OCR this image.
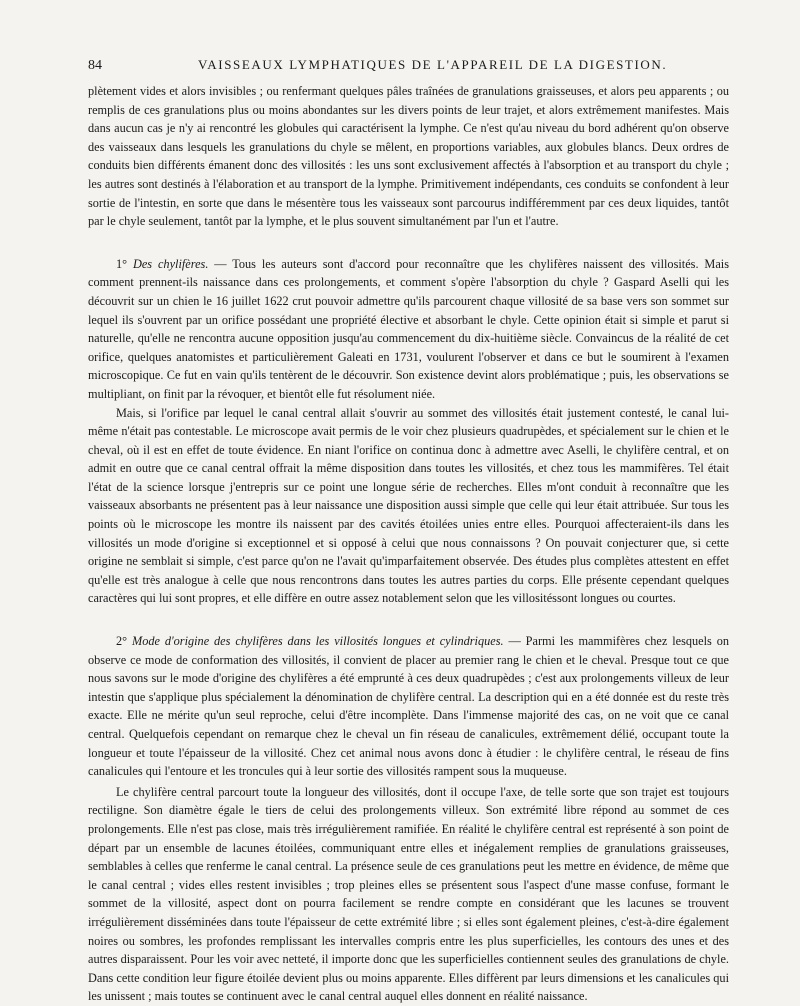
84	VAISSEAUX LYMPHATIQUES DE L'APPAREIL DE LA DIGESTION.

plètement vides et alors invisibles ; ou renfermant quelques pâles traînées de granulations graisseuses, et alors peu apparents ; ou remplis de ces granulations plus ou moins abondantes sur les divers points de leur trajet, et alors extrêmement manifestes. Mais dans aucun cas je n'y ai rencontré les globules qui caractérisent la lymphe. Ce n'est qu'au niveau du bord adhérent qu'on observe des vaisseaux dans lesquels les granulations du chyle se mêlent, en proportions variables, aux globules blancs. Deux ordres de conduits bien différents émanent donc des villosités : les uns sont exclusivement affectés à l'absorption et au transport du chyle ; les autres sont destinés à l'élaboration et au transport de la lymphe. Primitivement indépendants, ces conduits se confondent à leur sortie de l'intestin, en sorte que dans le mésentère tous les vaisseaux sont parcourus indifféremment par ces deux liquides, tantôt par le chyle seulement, tantôt par la lymphe, et le plus souvent simultanément par l'un et l'autre.

1° Des chylifères. — Tous les auteurs sont d'accord pour reconnaître que les chylifères naissent des villosités. Mais comment prennent-ils naissance dans ces prolongements, et comment s'opère l'absorption du chyle ? Gaspard Aselli qui les découvrit sur un chien le 16 juillet 1622 crut pouvoir admettre qu'ils parcourent chaque villosité de sa base vers son sommet sur lequel ils s'ouvrent par un orifice possédant une propriété élective et absorbant le chyle. Cette opinion était si simple et parut si naturelle, qu'elle ne rencontra aucune opposition jusqu'au commencement du dix-huitième siècle. Convaincus de la réalité de cet orifice, quelques anatomistes et particulièrement Galeati en 1731, voulurent l'observer et dans ce but le soumirent à l'examen microscopique. Ce fut en vain qu'ils tentèrent de le découvrir. Son existence devint alors problématique ; puis, les observations se multipliant, on finit par la révoquer, et bientôt elle fut résolument niée.

Mais, si l'orifice par lequel le canal central allait s'ouvrir au sommet des villosités était justement contesté, le canal lui-même n'était pas contestable. Le microscope avait permis de le voir chez plusieurs quadrupèdes, et spécialement sur le chien et le cheval, où il est en effet de toute évidence. En niant l'orifice on continua donc à admettre avec Aselli, le chylifère central, et on admit en outre que ce canal central offrait la même disposition dans toutes les villosités, et chez tous les mammifères. Tel était l'état de la science lorsque j'entrepris sur ce point une longue série de recherches. Elles m'ont conduit à reconnaître que les vaisseaux absorbants ne présentent pas à leur naissance une disposition aussi simple que celle qui leur était attribuée. Sur tous les points où le microscope les montre ils naissent par des cavités étoilées unies entre elles. Pourquoi affecteraient-ils dans les villosités un mode d'origine si exceptionnel et si opposé à celui que nous connaissons ? On pouvait conjecturer que, si cette origine ne semblait si simple, c'est parce qu'on ne l'avait qu'imparfaitement observée. Des études plus complètes attestent en effet qu'elle est très analogue à celle que nous rencontrons dans toutes les autres parties du corps. Elle présente cependant quelques caractères qui lui sont propres, et elle diffère en outre assez notablement selon que les villositéssont longues ou courtes.

2° Mode d'origine des chylifères dans les villosités longues et cylindriques. — Parmi les mammifères chez lesquels on observe ce mode de conformation des villosités, il convient de placer au premier rang le chien et le cheval. Presque tout ce que nous savons sur le mode d'origine des chylifères a été emprunté à ces deux quadrupèdes ; c'est aux prolongements villeux de leur intestin que s'applique plus spécialement la dénomination de chylifère central. La description qui en a été donnée est du reste très exacte. Elle ne mérite qu'un seul reproche, celui d'être incomplète. Dans l'immense majorité des cas, on ne voit que ce canal central. Quelquefois cependant on remarque chez le cheval un fin réseau de canalicules, extrêmement délié, occupant toute la longueur et toute l'épaisseur de la villosité. Chez cet animal nous avons donc à étudier : le chylifère central, le réseau de fins canalicules qui l'entoure et les troncules qui à leur sortie des villosités rampent sous la muqueuse.

Le chylifère central parcourt toute la longueur des villosités, dont il occupe l'axe, de telle sorte que son trajet est toujours rectiligne. Son diamètre égale le tiers de celui des prolongements villeux. Son extrémité libre répond au sommet de ces prolongements. Elle n'est pas close, mais très irrégulièrement ramifiée. En réalité le chylifère central est représenté à son point de départ par un ensemble de lacunes étoilées, communiquant entre elles et inégalement remplies de granulations graisseuses, semblables à celles que renferme le canal central. La présence seule de ces granulations peut les mettre en évidence, de même que le canal central ; vides elles restent invisibles ; trop pleines elles se présentent sous l'aspect d'une masse confuse, formant le sommet de la villosité, aspect dont on pourra facilement se rendre compte en considérant que les lacunes se trouvent irrégulièrement disséminées dans toute l'épaisseur de cette extrémité libre ; si elles sont également pleines, c'est-à-dire également noires ou sombres, les profondes remplissant les intervalles compris entre les plus superficielles, les contours des unes et des autres disparaissent. Pour les voir avec netteté, il importe donc que les superficielles contiennent seules des granulations de chyle. Dans cette condition leur figure étoilée devient plus ou moins apparente. Elles diffèrent par leurs dimensions et les canalicules qui les unissent ; mais toutes se continuent avec le canal central auquel elles donnent en réalité naissance.
